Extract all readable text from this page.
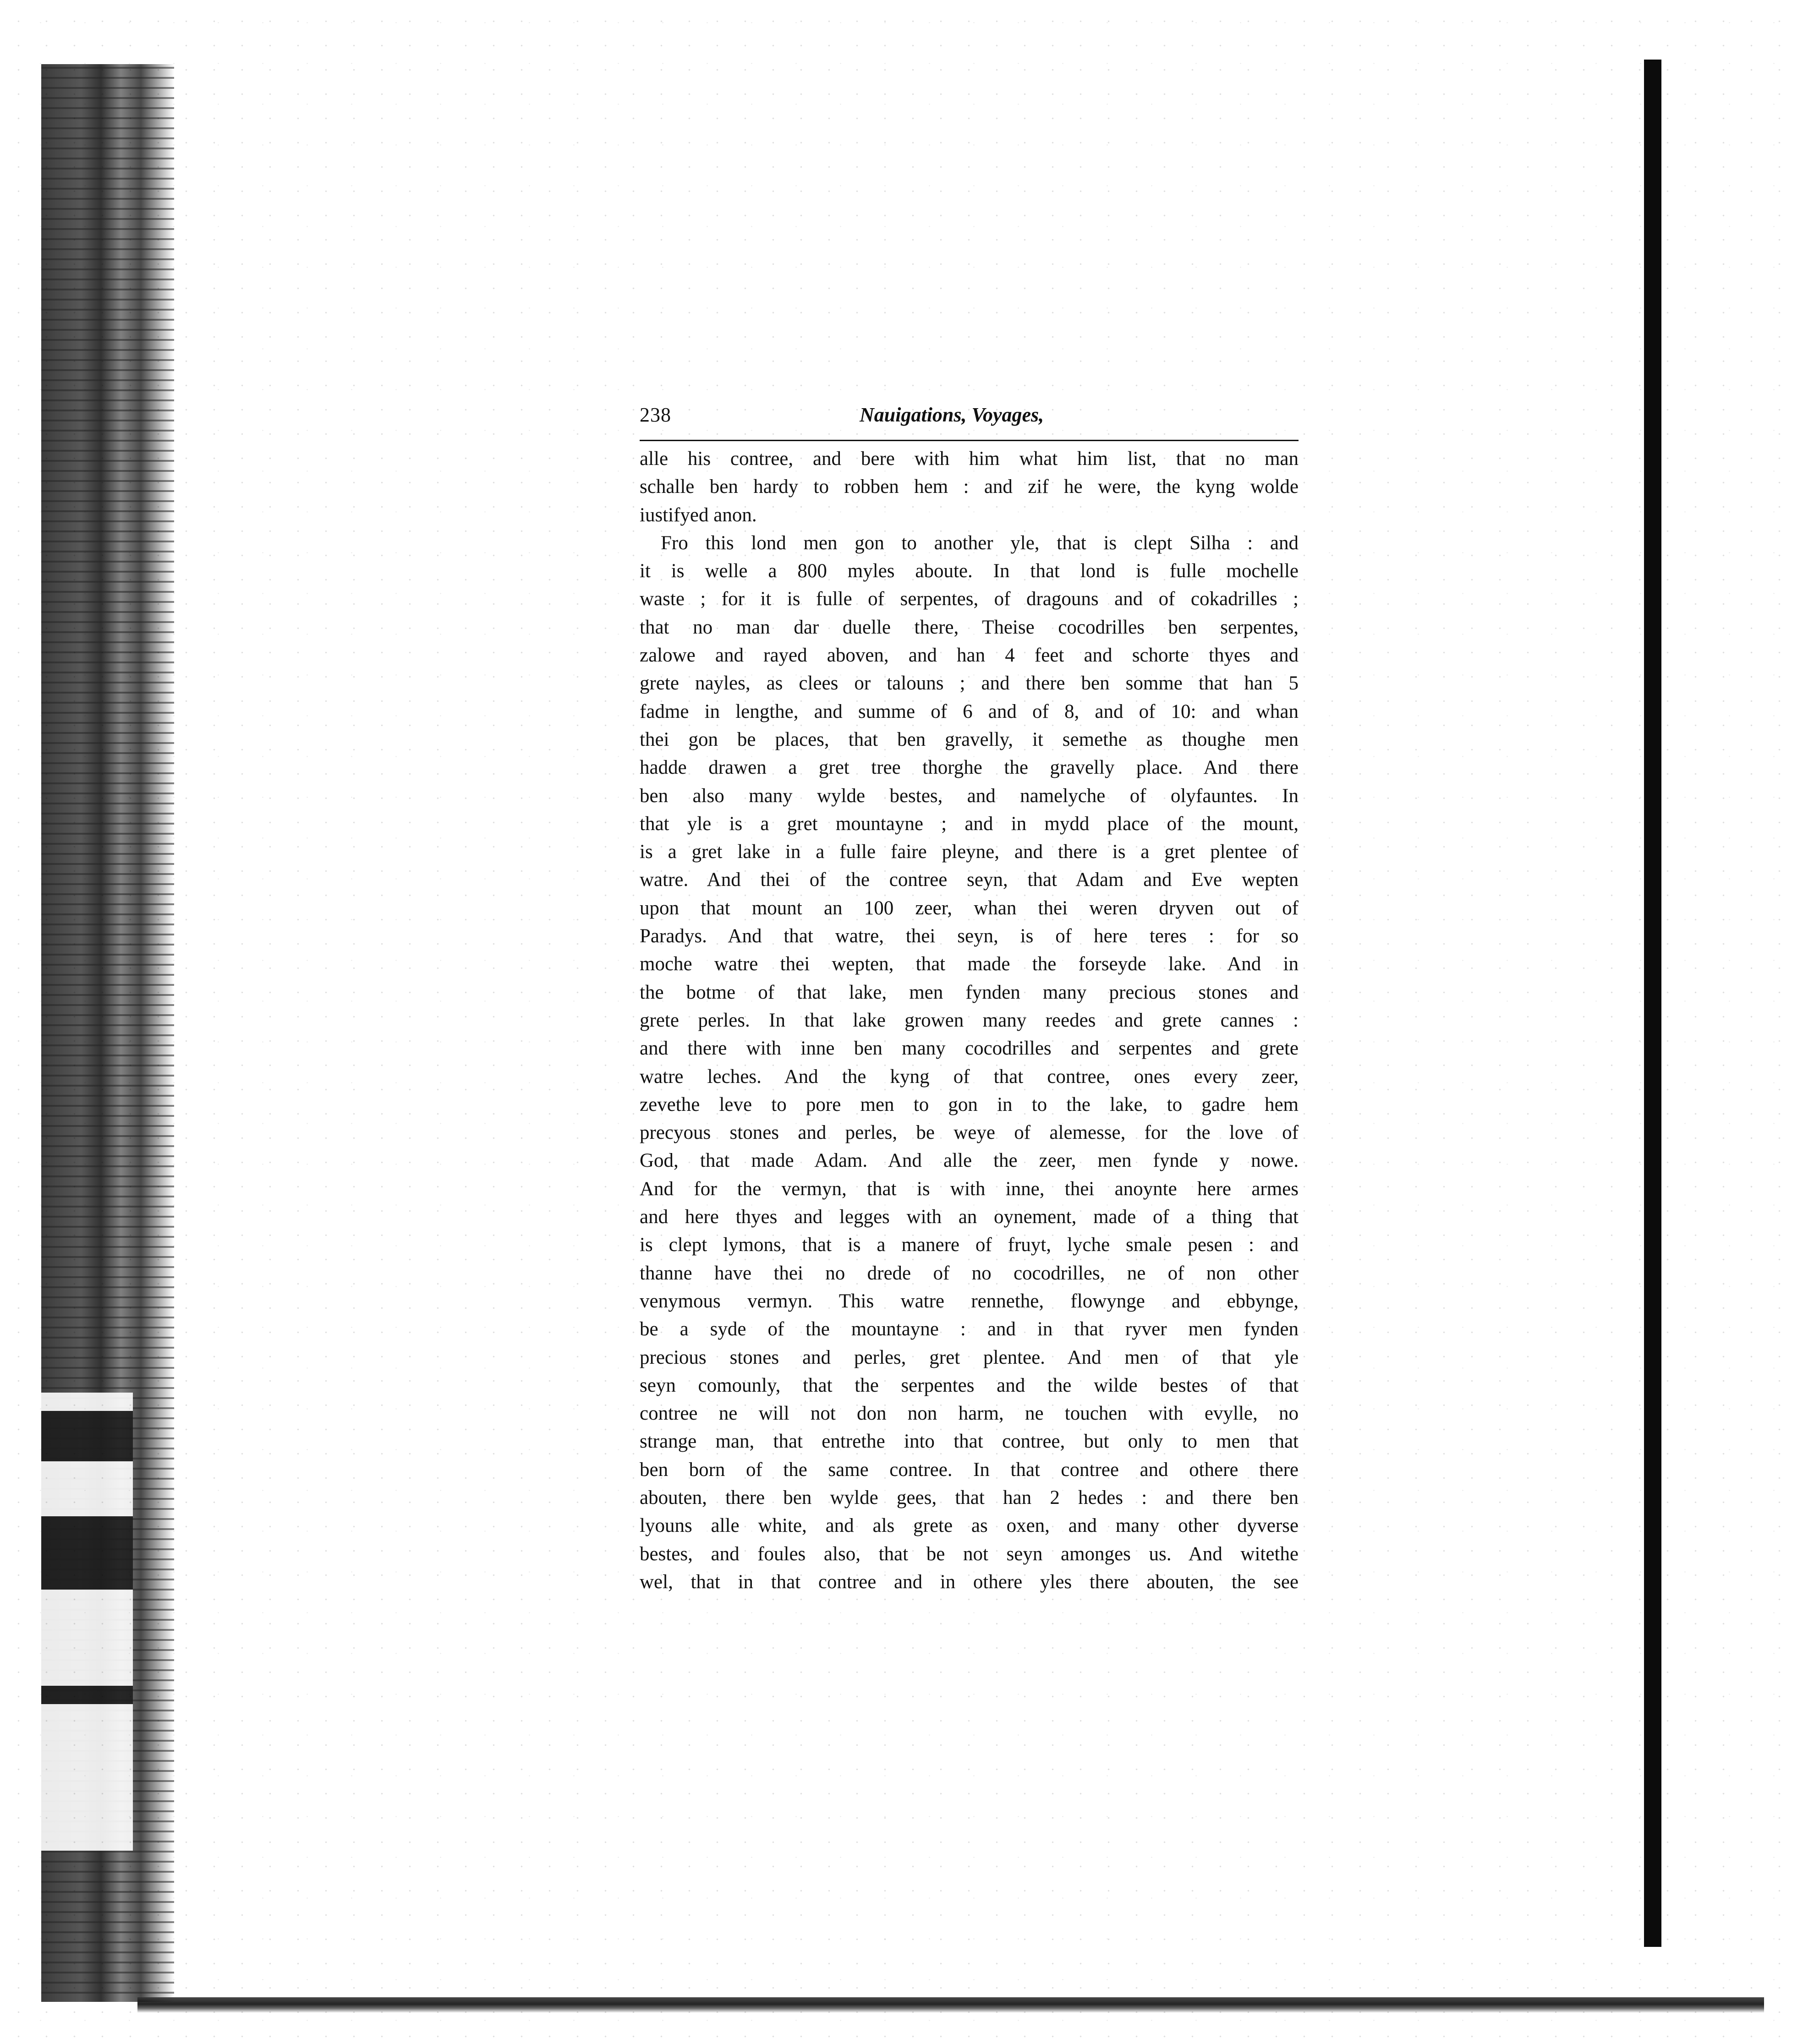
238	Nauigations, Voyages,
alle his contree, and bere with him what him list, that no man
schalle ben hardy to robben hem : and zif he were, the kyng wolde
iustifyed anon.
Fro this lond men gon to another yle, that is clept Silha : and
it is welle a 800 myles aboute. In that lond is fulle mochelle
waste ; for it is fulle of serpentes, of dragouns and of cokadrilles ;
that no man dar duelle there, Theise cocodrilles ben serpentes,
zalowe and rayed aboven, and han 4 feet and schorte thyes and
grete nayles, as clees or talouns ; and there ben somme that han 5
fadme in lengthe, and summe of 6 and of 8, and of 10: and whan
thei gon be places, that ben gravelly, it semethe as thoughe men
hadde drawen a gret tree thorghe the gravelly place. And there
ben also many wylde bestes, and namelyche of olyfauntes. In
that yle is a gret mountayne ; and in mydd place of the mount,
is a gret lake in a fulle faire pleyne, and there is a gret plentee of
watre. And thei of the contree seyn, that Adam and Eve wepten
upon that mount an 100 zeer, whan thei weren dryven out of
Paradys. And that watre, thei seyn, is of here teres : for so
moche watre thei wepten, that made the forseyde lake. And in
the botme of that lake, men fynden many precious stones and
grete perles. In that lake growen many reedes and grete cannes :
and there with inne ben many cocodrilles and serpentes and grete
watre leches. And the kyng of that contree, ones every zeer,
zevethe leve to pore men to gon in to the lake, to gadre hem
precyous stones and perles, be weye of alemesse, for the love of
God, that made Adam. And alle the zeer, men fynde y nowe.
And for the vermyn, that is with inne, thei anoynte here armes
and here thyes and legges with an oynement, made of a thing that
is clept lymons, that is a manere of fruyt, lyche smale pesen : and
thanne have thei no drede of no cocodrilles, ne of non other
venymous vermyn. This watre rennethe, flowynge and ebbynge,
be a syde of the mountayne : and in that ryver men fynden
precious stones and perles, gret plentee. And men of that yle
seyn comounly, that the serpentes and the wilde bestes of that
contree ne will not don non harm, ne touchen with evylle, no
strange man, that entrethe into that contree, but only to men that
ben born of the same contree. In that contree and othere there
abouten, there ben wylde gees, that han 2 hedes : and there ben
lyouns alle white, and als grete as oxen, and many other dyverse
bestes, and foules also, that be not seyn amonges us. And witethe
wel, that in that contree and in othere yles there abouten, the see
